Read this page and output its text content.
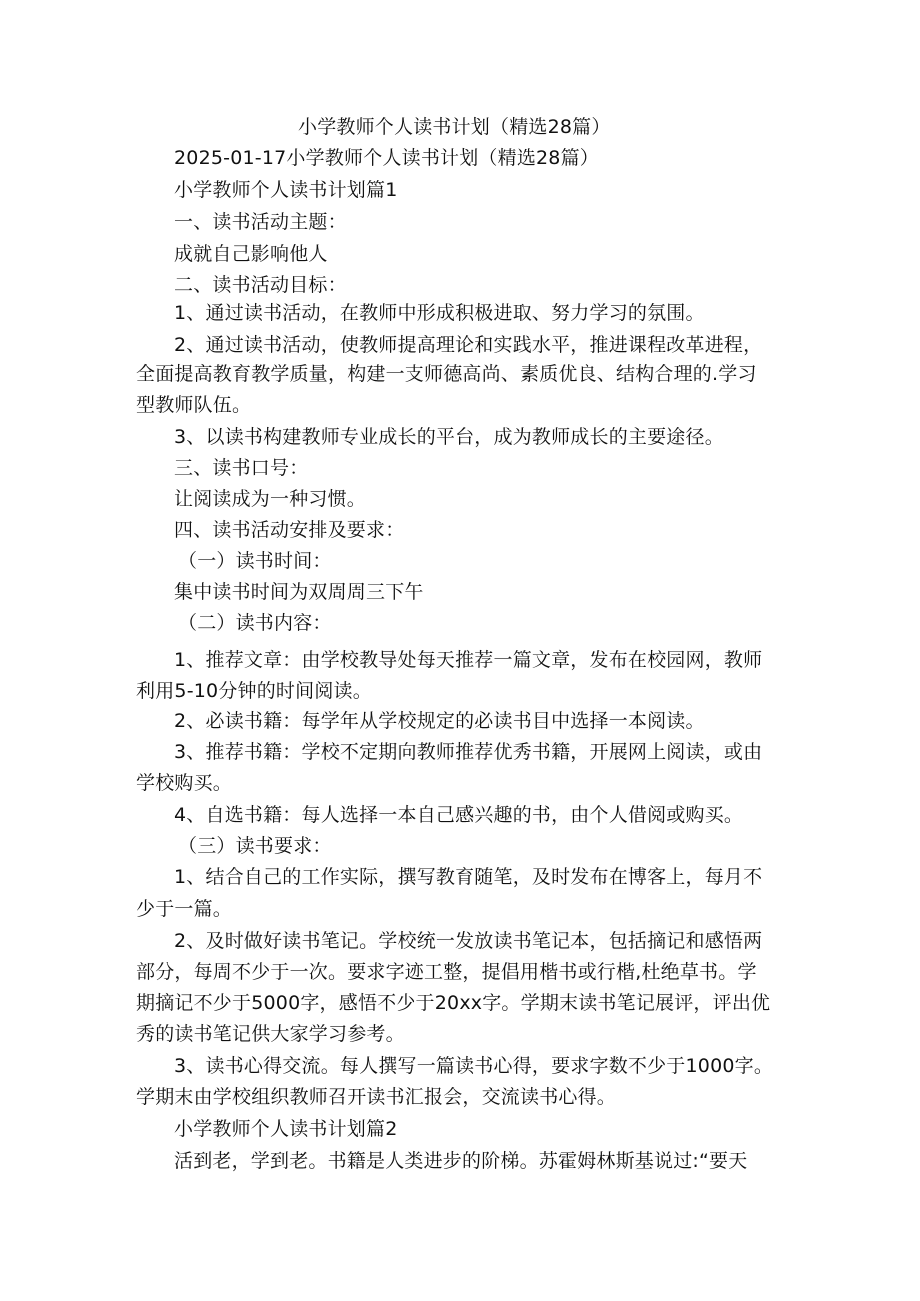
小学教师个人读书计划（精选28篇）
2025-01-17小学教师个人读书计划（精选28篇）
小学教师个人读书计划篇1
一、读书活动主题：
成就自己影响他人
二、读书活动目标：
1、通过读书活动，在教师中形成积极进取、努力学习的氛围。
2、通过读书活动，使教师提高理论和实践水平，推进课程改革进程，
全面提高教育教学质量，构建一支师德高尚、素质优良、结构合理的.学习
型教师队伍。
3、以读书构建教师专业成长的平台，成为教师成长的主要途径。
三、读书口号：
让阅读成为一种习惯。
四、读书活动安排及要求：
（一）读书时间：
集中读书时间为双周周三下午
（二）读书内容：
1、推荐文章：由学校教导处每天推荐一篇文章，发布在校园网，教师
利用5-10分钟的时间阅读。
2、必读书籍：每学年从学校规定的必读书目中选择一本阅读。
3、推荐书籍：学校不定期向教师推荐优秀书籍，开展网上阅读，或由
学校购买。
4、自选书籍：每人选择一本自己感兴趣的书，由个人借阅或购买。
（三）读书要求：
1、结合自己的工作实际，撰写教育随笔，及时发布在博客上，每月不
少于一篇。
2、及时做好读书笔记。学校统一发放读书笔记本，包括摘记和感悟两
部分，每周不少于一次。要求字迹工整，提倡用楷书或行楷,杜绝草书。学
期摘记不少于5000字，感悟不少于20xx字。学期末读书笔记展评，评出优
秀的读书笔记供大家学习参考。
3、读书心得交流。每人撰写一篇读书心得，要求字数不少于1000字。
学期末由学校组织教师召开读书汇报会，交流读书心得。
小学教师个人读书计划篇2
活到老，学到老。书籍是人类进步的阶梯。苏霍姆林斯基说过:“要天
